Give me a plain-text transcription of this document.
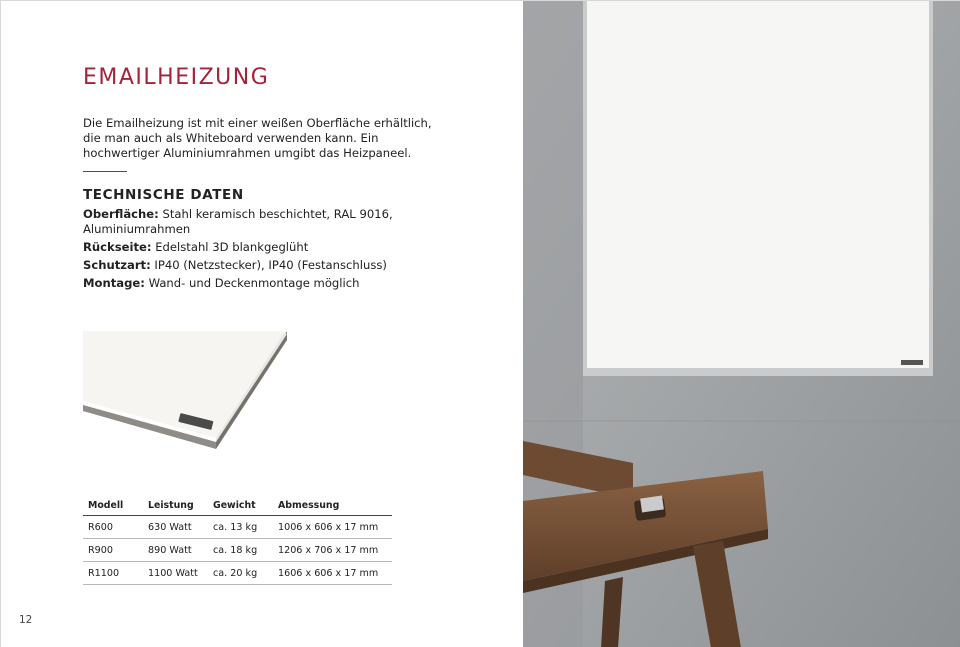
EMAILHEIZUNG

Die Emailheizung ist mit einer weißen Oberfläche erhältlich, die man auch als Whiteboard verwenden kann. Ein hochwertiger Aluminiumrahmen umgibt das Heizpaneel.

TECHNISCHE DATEN
Oberfläche: Stahl keramisch beschichtet, RAL 9016, Aluminiumrahmen
Rückseite: Edelstahl 3D blankgeglüht
Schutzart: IP40 (Netzstecker), IP40 (Festanschluss)
Montage: Wand- und Deckenmontage möglich
Modell	Leistung	Gewicht	Abmessung
R600	630 Watt	ca. 13 kg	1006 x 606 x 17 mm
R900	890 Watt	ca. 18 kg	1206 x 706 x 17 mm
R1100	1100 Watt	ca. 20 kg	1606 x 606 x 17 mm
12
